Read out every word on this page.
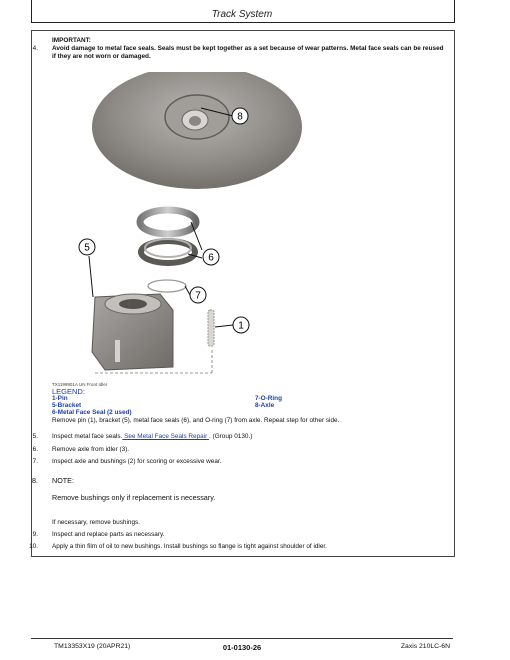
Track System
IMPORTANT:
4. Avoid damage to metal face seals. Seals must be kept together as a set because of wear patterns. Metal face seals can be reused if they are not worn or damaged.
8
6
5
7
1
TX1199901A UN Front Idler
LEGEND:
1-Pin
5-Bracket
6-Metal Face Seal (2 used)
7-O-Ring
8-Axle
Remove pin (1), bracket (5), metal face seals (6), and O-ring (7) from axle. Repeat step for other side.
5. Inspect metal face seals. See Metal Face Seals Repair . (Group 0130.)
6. Remove axle from idler (3).
7. Inspect axle and bushings (2) for scoring or excessive wear.
8. NOTE:
Remove bushings only if replacement is necessary.
If necessary, remove bushings.
9. Inspect and replace parts as necessary.
10. Apply a thin film of oil to new bushings. Install bushings so flange is tight against shoulder of idler.
TM13353X19 (20APR21)	01-0130-26	Zaxis 210LC-6N
